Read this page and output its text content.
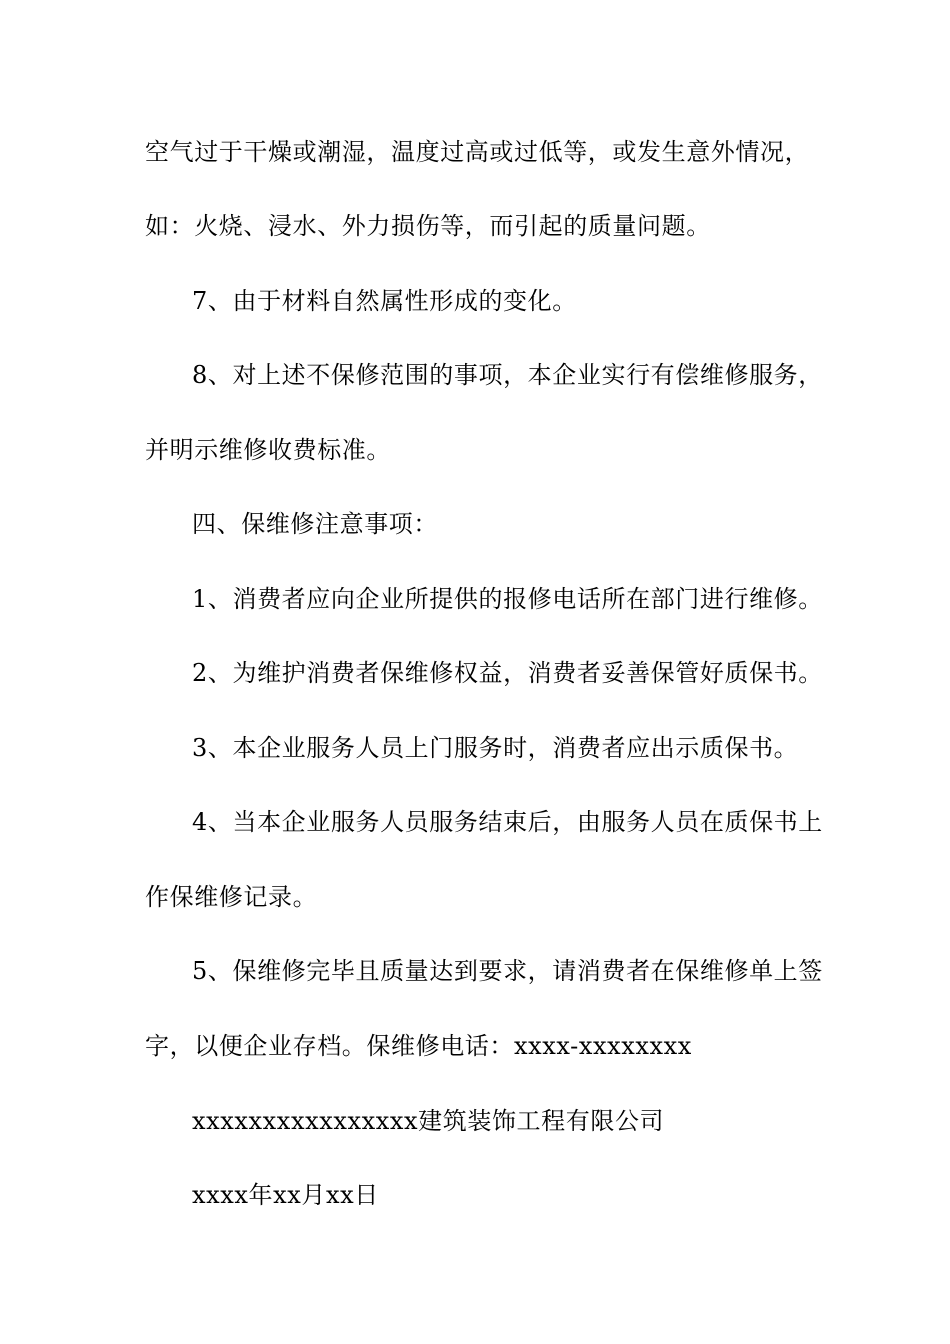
空气过于干燥或潮湿，温度过高或过低等，或发生意外情况，
如：火烧、浸水、外力损伤等，而引起的质量问题。
7、由于材料自然属性形成的变化。
8、对上述不保修范围的事项，本企业实行有偿维修服务，
并明示维修收费标准。
四、保维修注意事项：
1、消费者应向企业所提供的报修电话所在部门进行维修。
2、为维护消费者保维修权益，消费者妥善保管好质保书。
3、本企业服务人员上门服务时，消费者应出示质保书。
4、当本企业服务人员服务结束后，由服务人员在质保书上
作保维修记录。
5、保维修完毕且质量达到要求，请消费者在保维修单上签
字，以便企业存档。保维修电话：xxxx-xxxxxxxx
xxxxxxxxxxxxxxxx建筑装饰工程有限公司
xxxx年xx月xx日
